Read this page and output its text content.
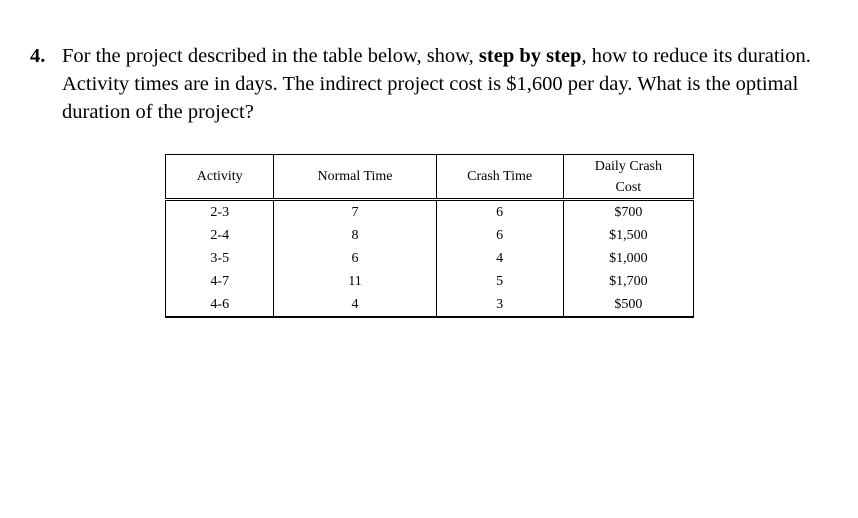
4. For the project described in the table below, show, step by step, how to reduce its duration. Activity times are in days. The indirect project cost is $1,600 per day. What is the optimal duration of the project?
Activity	Normal Time	Crash Time	Daily Crash
Cost
2-3	7	6	$700
2-4	8	6	$1,500
3-5	6	4	$1,000
4-7	11	5	$1,700
4-6	4	3	$500
